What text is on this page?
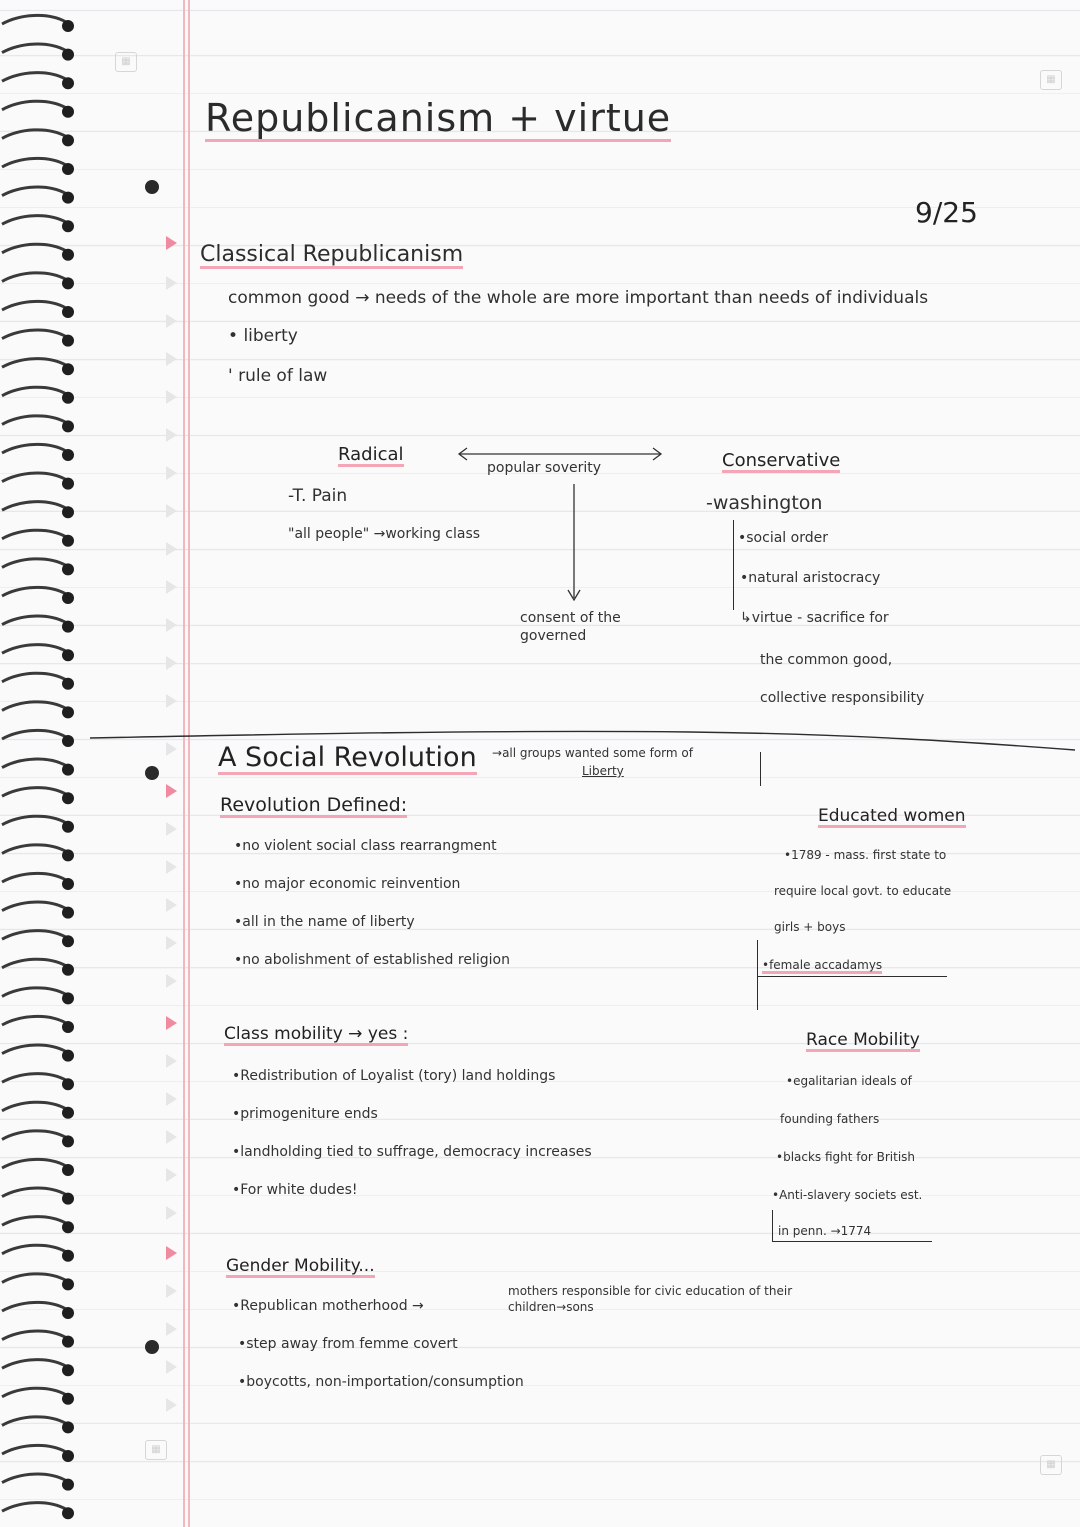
▦
▦
▦
▦
Republicanism + virtue
9/25
Classical Republicanism
common good → needs of the whole are more important than needs of individuals
• liberty
' rule of law
Radical
popular soverity	Conservative
-T. Pain
"all people" →working class
consent of the
governed
-washington
•social order
•natural aristocracy
↳virtue - sacrifice for
the common good,
collective responsibility
A Social Revolution →all groups wanted some form of
Liberty
Revolution Defined:
•no violent social class rearrangment
•no major economic reinvention
•all in the name of liberty
•no abolishment of established religion
Educated women
•1789 - mass. first state to
require local govt. to educate
girls + boys
•female accadamys
Class mobility → yes :
•Redistribution of Loyalist (tory) land holdings
•primogeniture ends
•landholding tied to suffrage, democracy increases
•For white dudes!
Race Mobility
•egalitarian ideals of
founding fathers
•blacks fight for British
•Anti-slavery societs est.
in penn. →1774
Gender Mobility...
•Republican motherhood →
mothers responsible for civic education of their
children→sons
•step away from femme covert
•boycotts, non-importation/consumption
